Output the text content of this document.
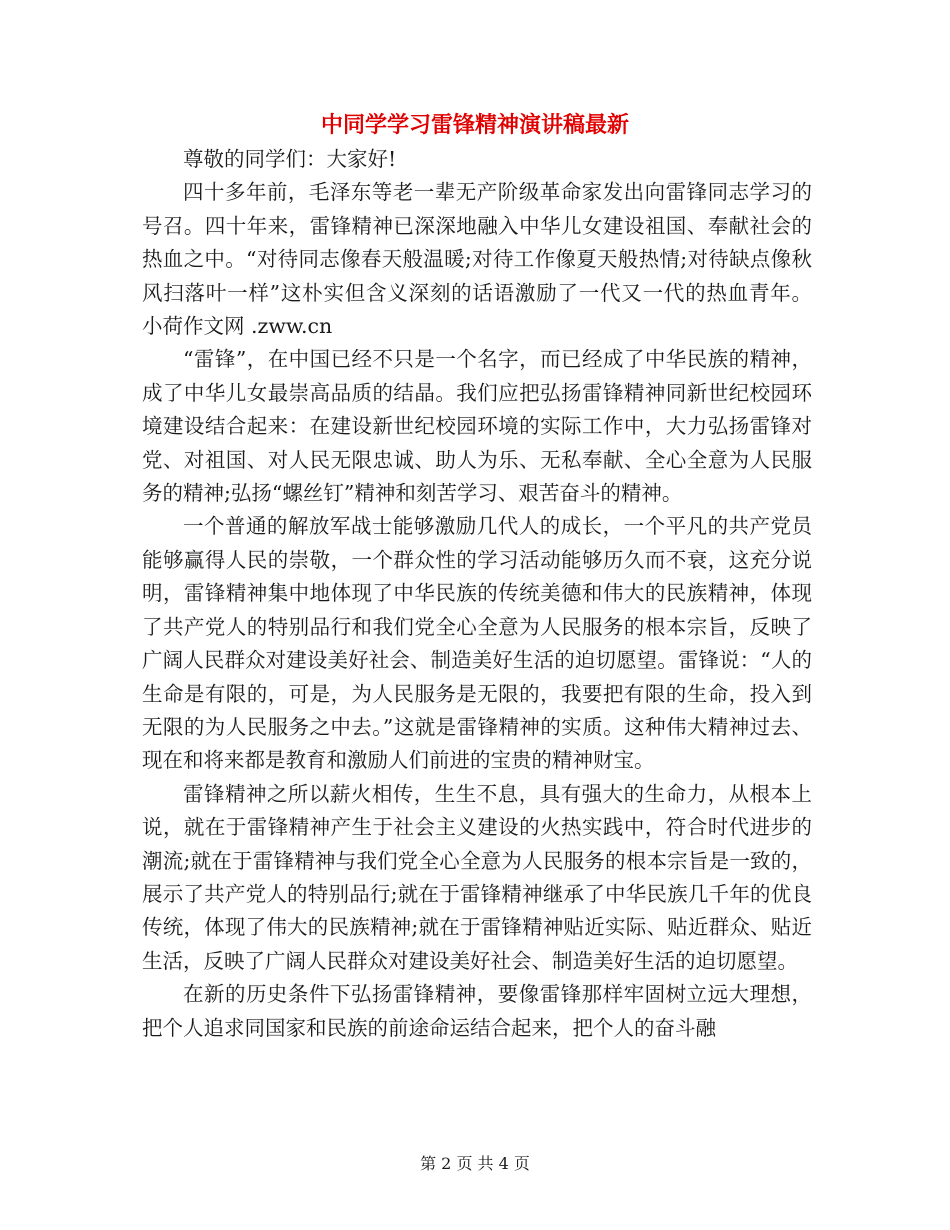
中同学学习雷锋精神演讲稿最新

尊敬的同学们：大家好!

四十多年前，毛泽东等老一辈无产阶级革命家发出向雷锋同志学习的号召。四十年来，雷锋精神已深深地融入中华儿女建设祖国、奉献社会的热血之中。“对待同志像春天般温暖;对待工作像夏天般热情;对待缺点像秋风扫落叶一样”这朴实但含义深刻的话语激励了一代又一代的热血青年。 小荷作文网 .zww.cn

“雷锋”，在中国已经不只是一个名字，而已经成了中华民族的精神，成了中华儿女最崇高品质的结晶。我们应把弘扬雷锋精神同新世纪校园环境建设结合起来：在建设新世纪校园环境的实际工作中，大力弘扬雷锋对党、对祖国、对人民无限忠诚、助人为乐、无私奉献、全心全意为人民服务的精神;弘扬“螺丝钉”精神和刻苦学习、艰苦奋斗的精神。

一个普通的解放军战士能够激励几代人的成长，一个平凡的共产党员能够赢得人民的崇敬，一个群众性的学习活动能够历久而不衰，这充分说明，雷锋精神集中地体现了中华民族的传统美德和伟大的民族精神，体现了共产党人的特别品行和我们党全心全意为人民服务的根本宗旨，反映了广阔人民群众对建设美好社会、制造美好生活的迫切愿望。雷锋说：“人的生命是有限的，可是，为人民服务是无限的，我要把有限的生命，投入到无限的为人民服务之中去。”这就是雷锋精神的实质。这种伟大精神过去、现在和将来都是教育和激励人们前进的宝贵的精神财宝。

雷锋精神之所以薪火相传，生生不息，具有强大的生命力，从根本上说，就在于雷锋精神产生于社会主义建设的火热实践中，符合时代进步的潮流;就在于雷锋精神与我们党全心全意为人民服务的根本宗旨是一致的，展示了共产党人的特别品行;就在于雷锋精神继承了中华民族几千年的优良传统，体现了伟大的民族精神;就在于雷锋精神贴近实际、贴近群众、贴近生活，反映了广阔人民群众对建设美好社会、制造美好生活的迫切愿望。

在新的历史条件下弘扬雷锋精神，要像雷锋那样牢固树立远大理想，把个人追求同国家和民族的前途命运结合起来，把个人的奋斗融

第 2 页 共 4 页
